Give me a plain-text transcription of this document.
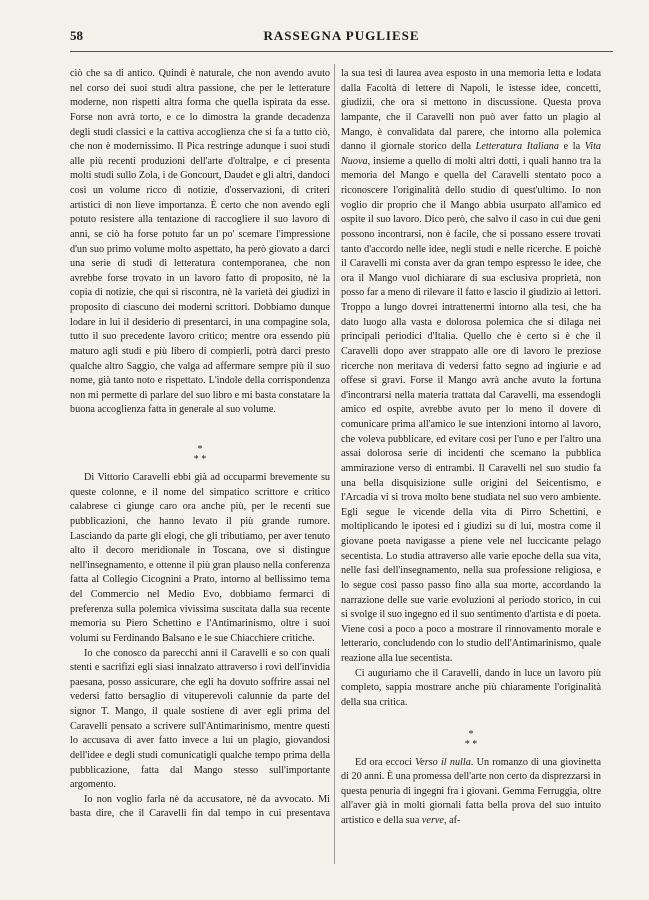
58	RASSEGNA PUGLIESE

ciò che sa di antico. Quindi è naturale, che non avendo avuto nel corso dei suoi studi altra passione, che per le letterature moderne, non rispetti altra forma che quella ispirata da esse. Forse non avrà torto, e ce lo dimostra la grande decadenza degli studi classici e la cattiva accoglienza che si fa a tutto ciò, che non è modernissimo. Il Pica restringe adunque i suoi studi alle più recenti produzioni dell'arte d'oltralpe, e ci presenta molti studi sullo Zola, i de Goncourt, Daudet e gli altri, dandoci così un volume ricco di notizie, d'osservazioni, di criteri artistici di non lieve importanza. È certo che non avendo egli potuto resistere alla tentazione di raccogliere il suo lavoro di anni, se ciò ha forse potuto far un po' scemare l'impressione d'un suo primo volume molto aspettato, ha però giovato a darci una serie di studi di letteratura contemporanea, che non avrebbe forse trovato in un lavoro fatto di proposito, nè la copia di notizie, che qui si riscontra, nè la varietà dei giudizi in proposito di ciascuno dei moderni scrittori. Dobbiamo dunque lodare in lui il desiderio di presentarci, in una compagine sola, tutto il suo precedente lavoro critico; mentre ora essendo più maturo agli studi e più libero di compierli, potrà darci presto qualche altro Saggio, che valga ad affermare sempre più il suo nome, già tanto noto e rispettato. L'indole della corrispondenza non mi permette di parlare del suo libro e mi basta constatare la buona accoglienza fatta in generale al suo volume.

*
* *

Di Vittorio Caravelli ebbi già ad occuparmi brevemente su queste colonne, e il nome del simpatico scrittore e critico calabrese ci giunge caro ora anche più, per le recenti sue pubblicazioni, che hanno levato il più grande rumore. Lasciando da parte gli elogi, che gli tributiamo, per aver tenuto alto il decoro meridionale in Toscana, ove si distingue nell'insegnamento, e ottenne il più gran plauso nella conferenza fatta al Collegio Cicognini a Prato, intorno al bellissimo tema del Commercio nel Medio Evo, dobbiamo fermarci di preferenza sulla polemica vivissima suscitata dalla sua recente memoria su Piero Schettino e l'Antimarinismo, oltre i suoi volumi su Ferdinando Balsano e le sue Chiacchiere critiche.

Io che conosco da parecchi anni il Caravelli e so con quali stenti e sacrifizi egli siasi innalzato attraverso i rovi dell'invidia paesana, posso assicurare, che egli ha dovuto soffrire assai nel vedersi fatto bersaglio di vituperevoli calunnie da parte del signor T. Mango, il quale sostiene di aver egli prima del Caravelli pensato a scrivere sull'Antimarinismo, mentre questi lo accusava di aver fatto invece a lui un plagio, giovandosi dell'idee e degli studi comunicatigli qualche tempo prima della pubblicazione, fatta dal Mango stesso sull'importante argomento.

Io non voglio farla nè da accusatore, nè da avvocato. Mi basta dire, che il Caravelli fin dal tempo in cui presentava

la sua tesi di laurea avea esposto in una memoria letta e lodata dalla Facoltà di lettere di Napoli, le istesse idee, concetti, giudizii, che ora si mettono in discussione. Questa prova lampante, che il Caravelli non può aver fatto un plagio al Mango, è convalidata dal parere, che intorno alla polemica danno il giornale storico della Letteratura Italiana e la Vita Nuova, insieme a quello di molti altri dotti, i quali hanno tra la memoria del Mango e quella del Caravelli stentato poco a riconoscere l'originalità dello studio di quest'ultimo. Io non voglio dir proprio che il Mango abbia usurpato all'amico ed ospite il suo lavoro. Dico però, che salvo il caso in cui due geni possono incontrarsi, non è facile, che si possano essere trovati tanto d'accordo nelle idee, negli studi e nelle ricerche. E poichè il Caravelli mi consta aver da gran tempo espresso le idee, che ora il Mango vuol dichiarare di sua esclusiva proprietà, non posso far a meno di rilevare il fatto e lascio il giudizio ai lettori. Troppo a lungo dovrei intrattenermi intorno alla tesi, che ha dato luogo alla vasta e dolorosa polemica che si dilaga nei principali periodici d'Italia. Quello che è certo si è che il Caravelli dopo aver strappato alle ore di lavoro le preziose ricerche non meritava di vedersi fatto segno ad ingiurie e ad offese sì gravi. Forse il Mango avrà anche avuto la fortuna d'incontrarsi nella materia trattata dal Caravelli, ma essendogli amico ed ospite, avrebbe avuto per lo meno il dovere di comunicare prima all'amico le sue intenzioni intorno al lavoro, che voleva pubblicare, ed evitare così per l'uno e per l'altro una assai dolorosa serie di incidenti che scemano la pubblica ammirazione verso di entrambi. Il Caravelli nel suo studio fa una bella disquisizione sulle origini del Seicentismo, e l'Arcadia vi si trova molto bene studiata nel suo vero ambiente. Egli segue le vicende della vita di Pirro Schettini, e moltiplicando le ipotesi ed i giudizi su di lui, mostra come il giovane poeta navigasse a piene vele nel luccicante pelago secentista. Lo studia attraverso alle varie epoche della sua vita, nelle fasi dell'insegnamento, nella sua professione religiosa, e lo segue così passo passo fino alla sua morte, accordando la narrazione delle sue varie evoluzioni al periodo storico, in cui si svolge il suo ingegno ed il suo sentimento d'artista e di poeta. Viene così a poco a poco a mostrare il rinnovamento morale e letterario, concludendo con lo studio dell'Antimarinismo, quale reazione alla lue secentista.

Ci auguriamo che il Caravelli, dando in luce un lavoro più completo, sappia mostrare anche più chiaramente l'originalità della sua critica.

*
* *

Ed ora eccoci Verso il nulla. Un romanzo di una giovinetta di 20 anni. È una promessa dell'arte non certo da disprezzarsi in questa penuria di ingegni fra i giovani. Gemma Ferruggia, oltre all'aver già in molti giornali fatta bella prova del suo intuito artistico e della sua verve, af-
